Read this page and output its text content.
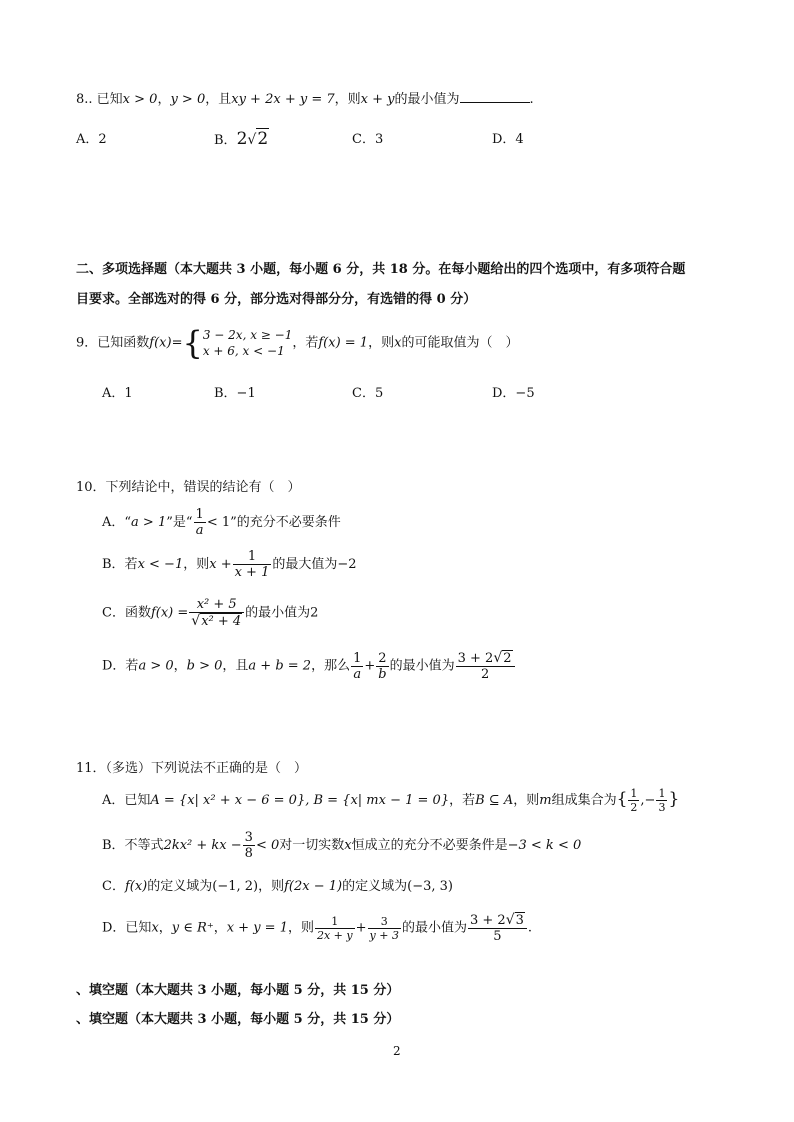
8.. 已知x > 0，y > 0，且xy + 2x + y = 7，则x + y的最小值为	.
A．2	B．2√2	C．3	D．4
二、多项选择题（本大题共 3 小题，每小题 6 分，共 18 分。在每小题给出的四个选项中，有多项符合题
目要求。全部选对的得 6 分，部分选对得部分分，有选错的得 0 分）
9．已知函数f(x)={ 3 − 2x, x ≥ −1
x + 6, x < −1
，若f(x) = 1，则x的可能取值为（　）
A．1	B．−1	C．5	D．−5
10．下列结论中，错误的结论有（　）
A．“a > 1”是“ $\frac{1}{a} < 1$”的充分不必要条件
B．若x < −1，则$x + \frac{1}{x + 1}$ 的最大值为−2
C．函数$f(x) = \frac{\text{x² + 5}}{\text{√x² + 4}}$ 的最小值为2
D．若a > 0，b > 0，且a + b = 2，那么 $\frac{1}{a} + \frac{2}{b}$ 的最小值为 $\frac{3 + 2√2}{2}$
11．（多选）下列说法不正确的是（　）
A．已知A = {x| x² + x − 6 = 0}, B = {x| mx − 1 = 0}，若B ⊆ A，则m组成集合为{ $\frac{1}{2}$ ,− $\frac{1}{3}$ }
B．不等式2kx² + kx − $\frac{3}{8} < 0$对一切实数x恒成立的充分不必要条件是−3 < k < 0
C．f(x)的定义域为(−1, 2)，则f(2x − 1)的定义域为(−3, 3)
D．已知x，y ∈ R⁺，x + y = 1，则 $\frac{1}{2x + y} + \frac{3}{y + 3}$ 的最小值为 $\frac{3 + 2√3}{5}$ .
、填空题（本大题共 3 小题，每小题 5 分，共 15 分）
、填空题（本大题共 3 小题，每小题 5 分，共 15 分）
2
